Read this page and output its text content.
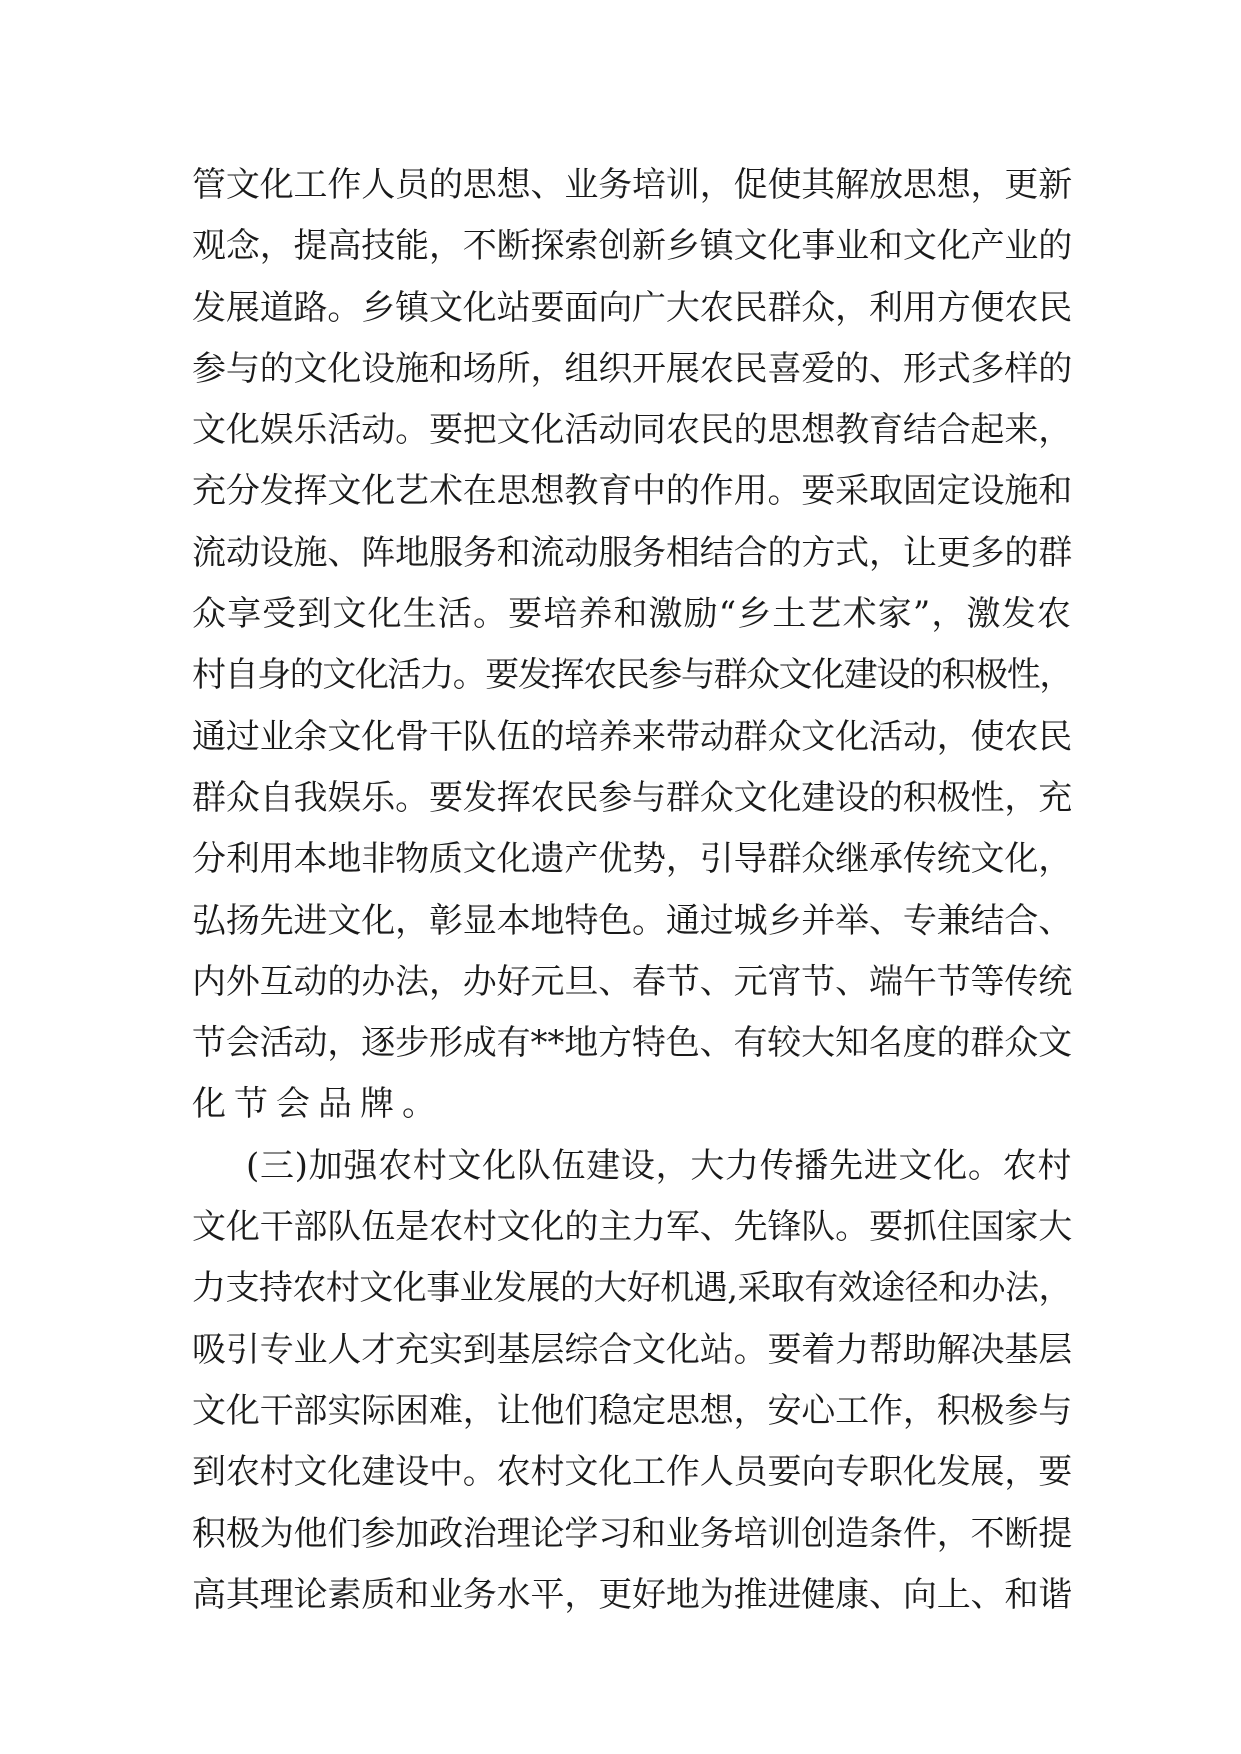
管文化工作人员的思想、业务培训，促使其解放思想，更新
观念，提高技能，不断探索创新乡镇文化事业和文化产业的
发展道路。乡镇文化站要面向广大农民群众，利用方便农民
参与的文化设施和场所，组织开展农民喜爱的、形式多样的
文化娱乐活动。要把文化活动同农民的思想教育结合起来，
充分发挥文化艺术在思想教育中的作用。要采取固定设施和
流动设施、阵地服务和流动服务相结合的方式，让更多的群
众享受到文化生活。要培养和激励“乡土艺术家”，激发农
村自身的文化活力。要发挥农民参与群众文化建设的积极性，
通过业余文化骨干队伍的培养来带动群众文化活动，使农民
群众自我娱乐。要发挥农民参与群众文化建设的积极性，充
分利用本地非物质文化遗产优势，引导群众继承传统文化，
弘扬先进文化，彰显本地特色。通过城乡并举、专兼结合、
内外互动的办法，办好元旦、春节、元宵节、端午节等传统
节会活动，逐步形成有**地方特色、有较大知名度的群众文
化节会品牌。
(三)加强农村文化队伍建设，大力传播先进文化。农村
文化干部队伍是农村文化的主力军、先锋队。要抓住国家大
力支持农村文化事业发展的大好机遇,采取有效途径和办法，
吸引专业人才充实到基层综合文化站。要着力帮助解决基层
文化干部实际困难，让他们稳定思想，安心工作，积极参与
到农村文化建设中。农村文化工作人员要向专职化发展，要
积极为他们参加政治理论学习和业务培训创造条件，不断提
高其理论素质和业务水平，更好地为推进健康、向上、和谐
